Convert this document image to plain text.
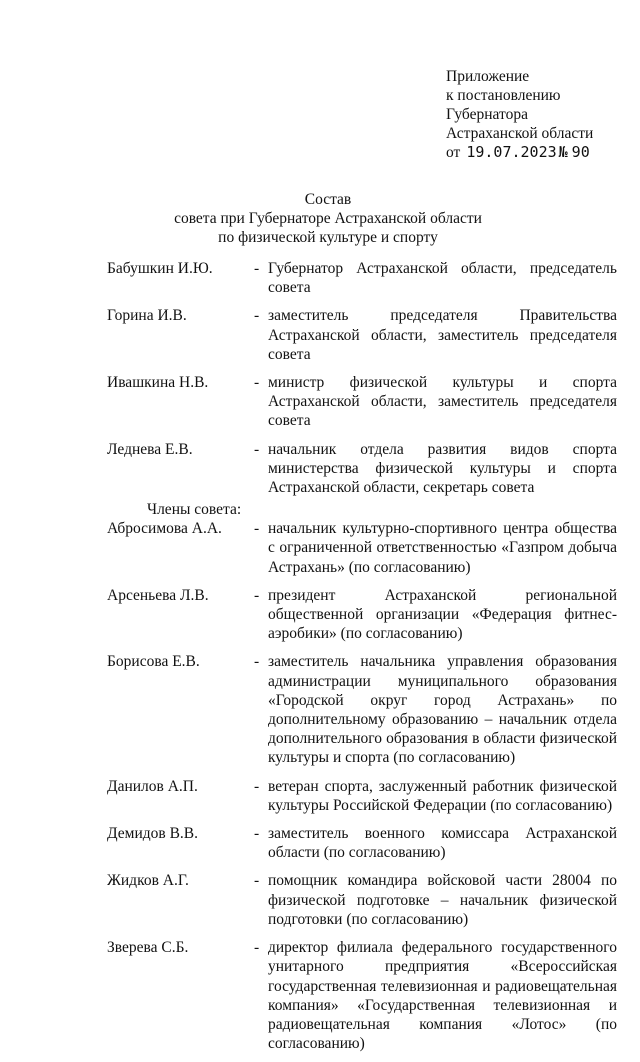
Приложение
к постановлению
Губернатора
Астраханской области
от 19.07.2023 № 90
Состав
совета при Губернаторе Астраханской области
по физической культуре и спорту
Бабушкин И.Ю.	- Губернатор Астраханской области, председатель совета
Горина И.В.	- заместитель председателя Правительства Астраханской области, заместитель председателя совета
Ивашкина Н.В.	- министр физической культуры и спорта Астраханской области, заместитель председателя совета
Леднева Е.В.	- начальник отдела развития видов спорта министерства физической культуры и спорта Астраханской области, секретарь совета
Члены совета:
Абросимова А.А.	- начальник культурно-спортивного центра общества с ограниченной ответственностью «Газпром добыча Астрахань» (по согласованию)
Арсеньева Л.В.	- президент Астраханской региональной общественной организации «Федерация фитнес-аэробики» (по согласованию)
Борисова Е.В.	- заместитель начальника управления образования администрации муниципального образования «Городской округ город Астрахань» по дополнительному образованию – начальник отдела дополнительного образования в области физической культуры и спорта (по согласованию)
Данилов А.П.	- ветеран спорта, заслуженный работник физической культуры Российской Федерации (по согласованию)
Демидов В.В.	- заместитель военного комиссара Астраханской области (по согласованию)
Жидков А.Г.	- помощник командира войсковой части 28004 по физической подготовке – начальник физической подготовки (по согласованию)
Зверева С.Б.	- директор филиала федерального государственного унитарного предприятия «Всероссийская государственная телевизионная и радиовещательная компания» «Государственная телевизионная и радиовещательная компания «Лотос» (по согласованию)
